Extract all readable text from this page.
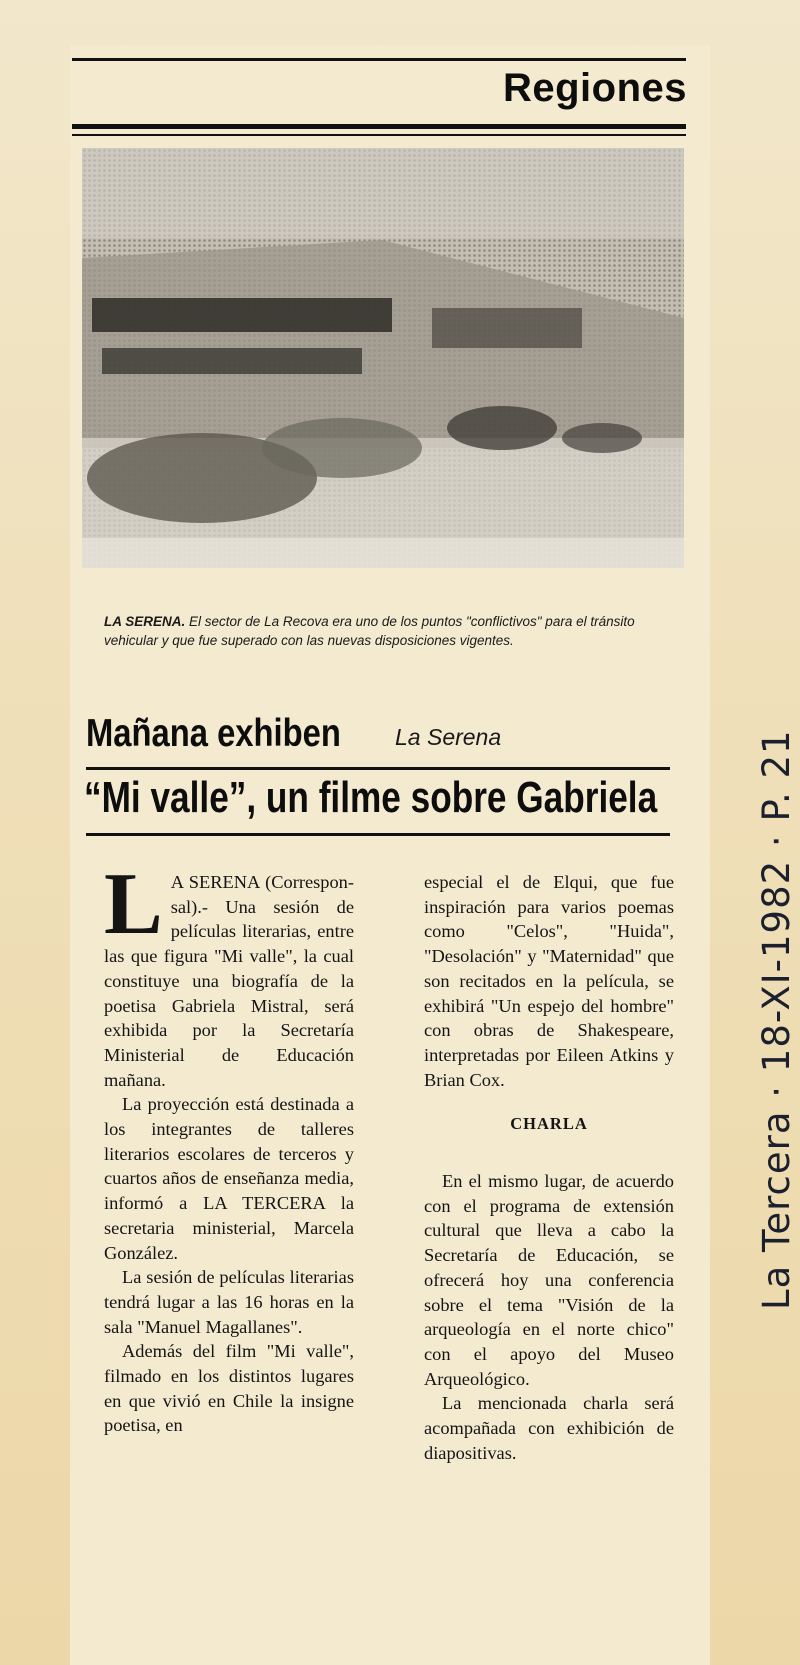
Regiones
LA SERENA. El sector de La Recova era uno de los puntos "conflictivos" para el tránsito vehicular y que fue superado con las nuevas disposiciones vigentes.
Mañana exhiben La Serena
“Mi valle”, un filme sobre Gabriela

L A SERENA (Correspon-sal).- Una sesión de películas literarias, entre las que figura "Mi valle", la cual constituye una biografía de la poetisa Gabriela Mistral, será exhibida por la Secretaría Ministerial de Educación mañana.

La proyección está destinada a los integrantes de talleres literarios escolares de terceros y cuartos años de enseñanza media, informó a LA TERCERA la secretaria ministerial, Marcela González.

La sesión de películas literarias tendrá lugar a las 16 horas en la sala "Manuel Magallanes".

Además del film "Mi valle", filmado en los distintos lugares en que vivió en Chile la insigne poetisa, en

especial el de Elqui, que fue inspiración para varios poemas como "Celos", "Huida", "Desolación" y "Maternidad" que son recitados en la película, se exhibirá "Un espejo del hombre" con obras de Shakespeare, interpretadas por Eileen Atkins y Brian Cox.

CHARLA

En el mismo lugar, de acuerdo con el programa de extensión cultural que lleva a cabo la Secretaría de Educación, se ofrecerá hoy una conferencia sobre el tema "Visión de la arqueología en el norte chico" con el apoyo del Museo Arqueológico.

La mencionada charla será acompañada con exhibición de diapositivas.

La Tercera · 18-XI-1982 · P. 21
